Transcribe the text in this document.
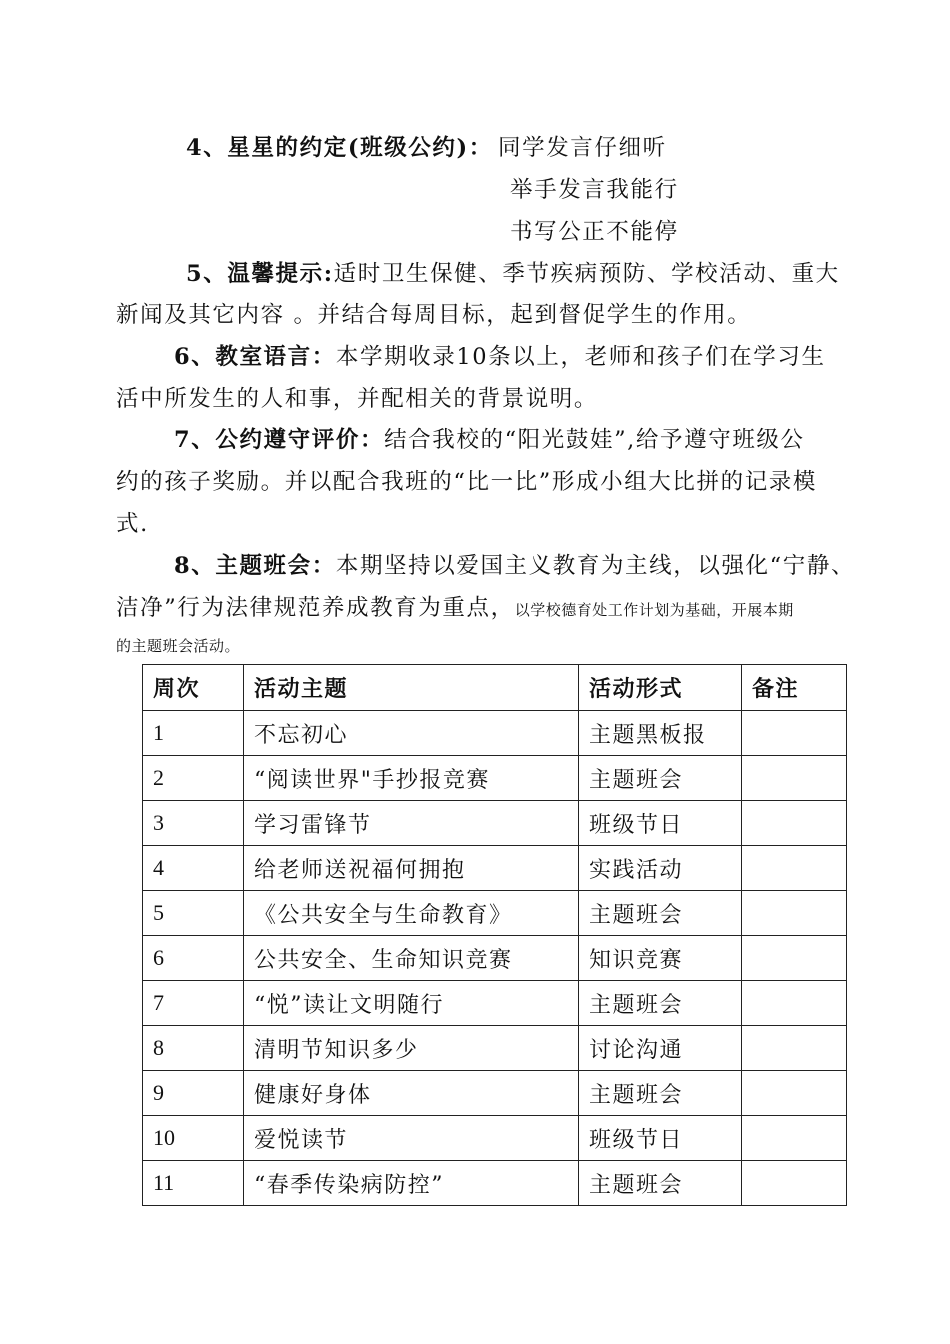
4、星星的约定(班级公约)： 同学发言仔细听
举手发言我能行
书写公正不能停
5、温馨提示:适时卫生保健、季节疾病预防、学校活动、重大
新闻及其它内容 。并结合每周目标，起到督促学生的作用。
6、教室语言：本学期收录10条以上，老师和孩子们在学习生
活中所发生的人和事，并配相关的背景说明。
7、公约遵守评价：结合我校的“阳光鼓娃”,给予遵守班级公
约的孩子奖励。并以配合我班的“比一比”形成小组大比拼的记录模
式.
8、主题班会：本期坚持以爱国主义教育为主线，以强化“宁静、
洁净”行为法律规范养成教育为重点，以学校德育处工作计划为基础，开展本期
的主题班会活动。
周次	活动主题	活动形式	备注
1	不忘初心	主题黑板报	
2	“阅读世界"手抄报竞赛	主题班会	
3	学习雷锋节	班级节日	
4	给老师送祝福何拥抱	实践活动	
5	《公共安全与生命教育》	主题班会	
6	公共安全、生命知识竞赛	知识竞赛	
7	“悦”读让文明随行	主题班会	
8	清明节知识多少	讨论沟通	
9	健康好身体	主题班会	
10	爱悦读节	班级节日	
11	“春季传染病防控”	主题班会	
